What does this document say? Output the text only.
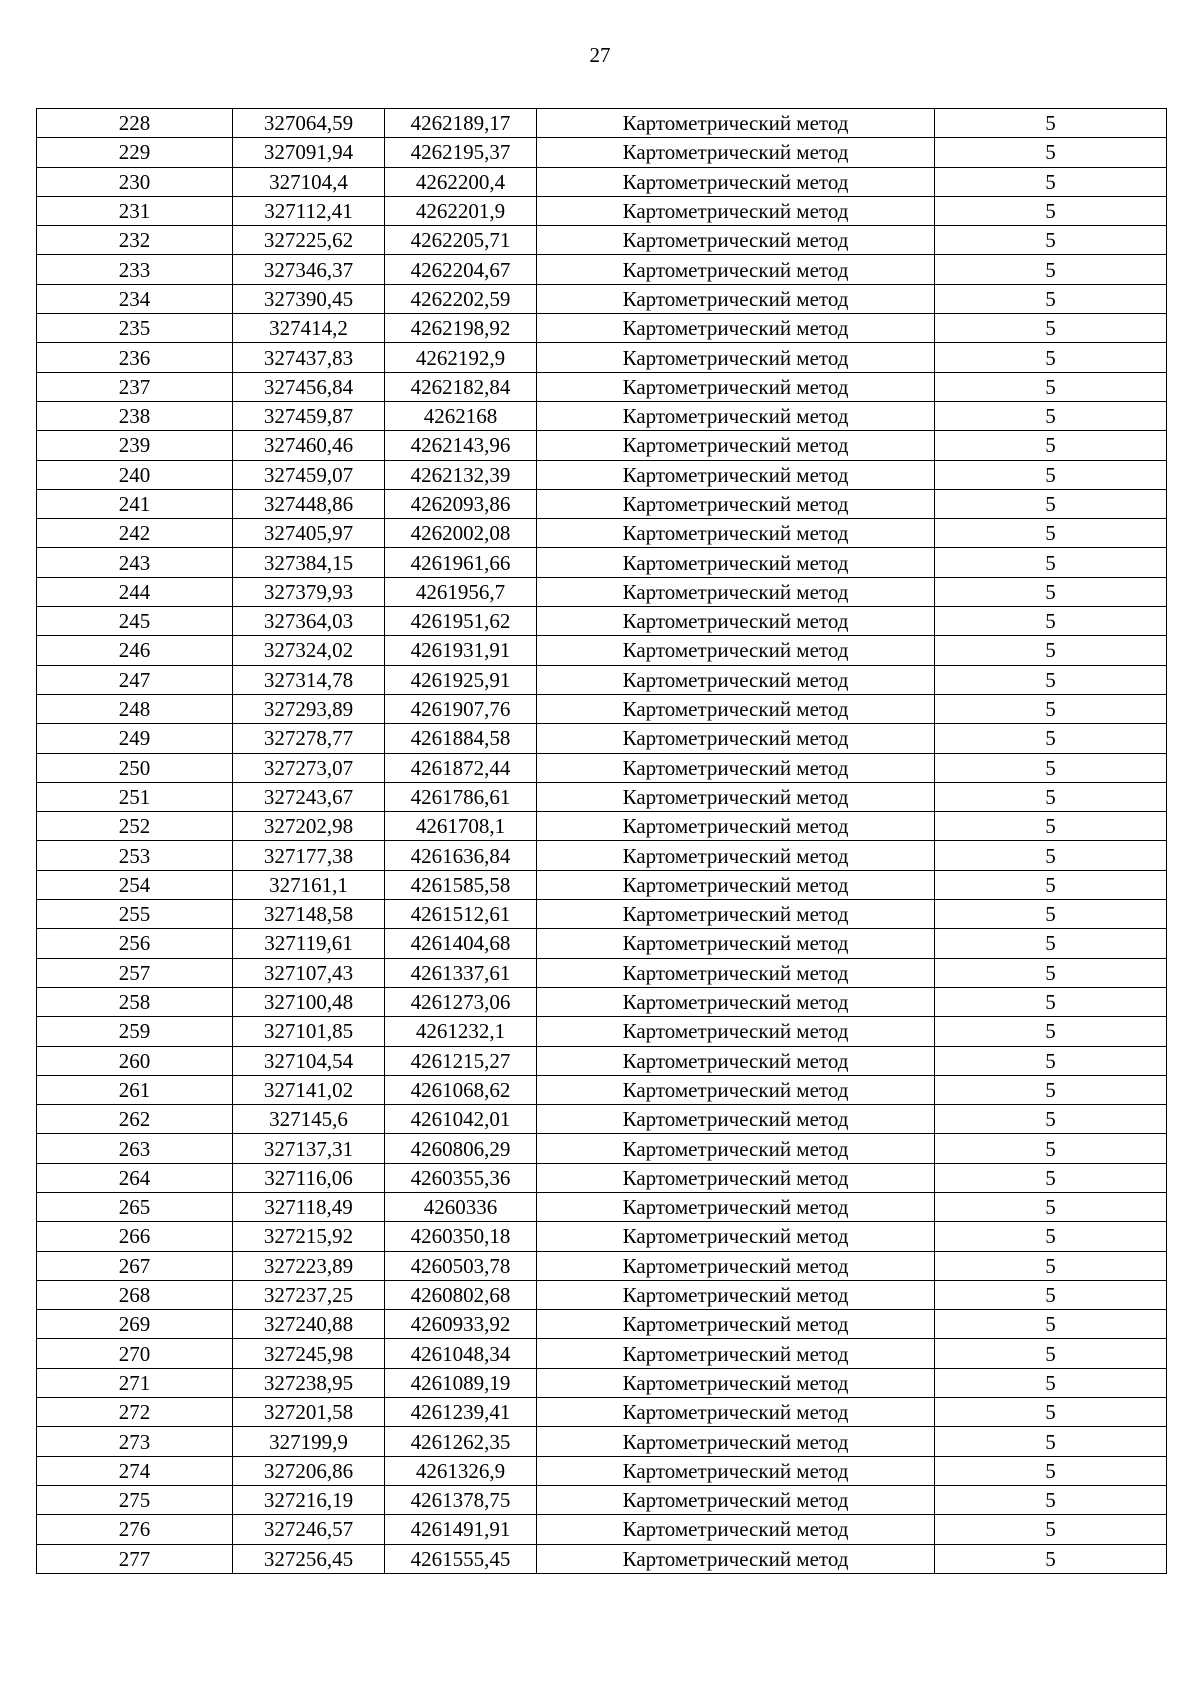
27
228	327064,59	4262189,17	Картометрический метод	5
229	327091,94	4262195,37	Картометрический метод	5
230	327104,4	4262200,4	Картометрический метод	5
231	327112,41	4262201,9	Картометрический метод	5
232	327225,62	4262205,71	Картометрический метод	5
233	327346,37	4262204,67	Картометрический метод	5
234	327390,45	4262202,59	Картометрический метод	5
235	327414,2	4262198,92	Картометрический метод	5
236	327437,83	4262192,9	Картометрический метод	5
237	327456,84	4262182,84	Картометрический метод	5
238	327459,87	4262168	Картометрический метод	5
239	327460,46	4262143,96	Картометрический метод	5
240	327459,07	4262132,39	Картометрический метод	5
241	327448,86	4262093,86	Картометрический метод	5
242	327405,97	4262002,08	Картометрический метод	5
243	327384,15	4261961,66	Картометрический метод	5
244	327379,93	4261956,7	Картометрический метод	5
245	327364,03	4261951,62	Картометрический метод	5
246	327324,02	4261931,91	Картометрический метод	5
247	327314,78	4261925,91	Картометрический метод	5
248	327293,89	4261907,76	Картометрический метод	5
249	327278,77	4261884,58	Картометрический метод	5
250	327273,07	4261872,44	Картометрический метод	5
251	327243,67	4261786,61	Картометрический метод	5
252	327202,98	4261708,1	Картометрический метод	5
253	327177,38	4261636,84	Картометрический метод	5
254	327161,1	4261585,58	Картометрический метод	5
255	327148,58	4261512,61	Картометрический метод	5
256	327119,61	4261404,68	Картометрический метод	5
257	327107,43	4261337,61	Картометрический метод	5
258	327100,48	4261273,06	Картометрический метод	5
259	327101,85	4261232,1	Картометрический метод	5
260	327104,54	4261215,27	Картометрический метод	5
261	327141,02	4261068,62	Картометрический метод	5
262	327145,6	4261042,01	Картометрический метод	5
263	327137,31	4260806,29	Картометрический метод	5
264	327116,06	4260355,36	Картометрический метод	5
265	327118,49	4260336	Картометрический метод	5
266	327215,92	4260350,18	Картометрический метод	5
267	327223,89	4260503,78	Картометрический метод	5
268	327237,25	4260802,68	Картометрический метод	5
269	327240,88	4260933,92	Картометрический метод	5
270	327245,98	4261048,34	Картометрический метод	5
271	327238,95	4261089,19	Картометрический метод	5
272	327201,58	4261239,41	Картометрический метод	5
273	327199,9	4261262,35	Картометрический метод	5
274	327206,86	4261326,9	Картометрический метод	5
275	327216,19	4261378,75	Картометрический метод	5
276	327246,57	4261491,91	Картометрический метод	5
277	327256,45	4261555,45	Картометрический метод	5
